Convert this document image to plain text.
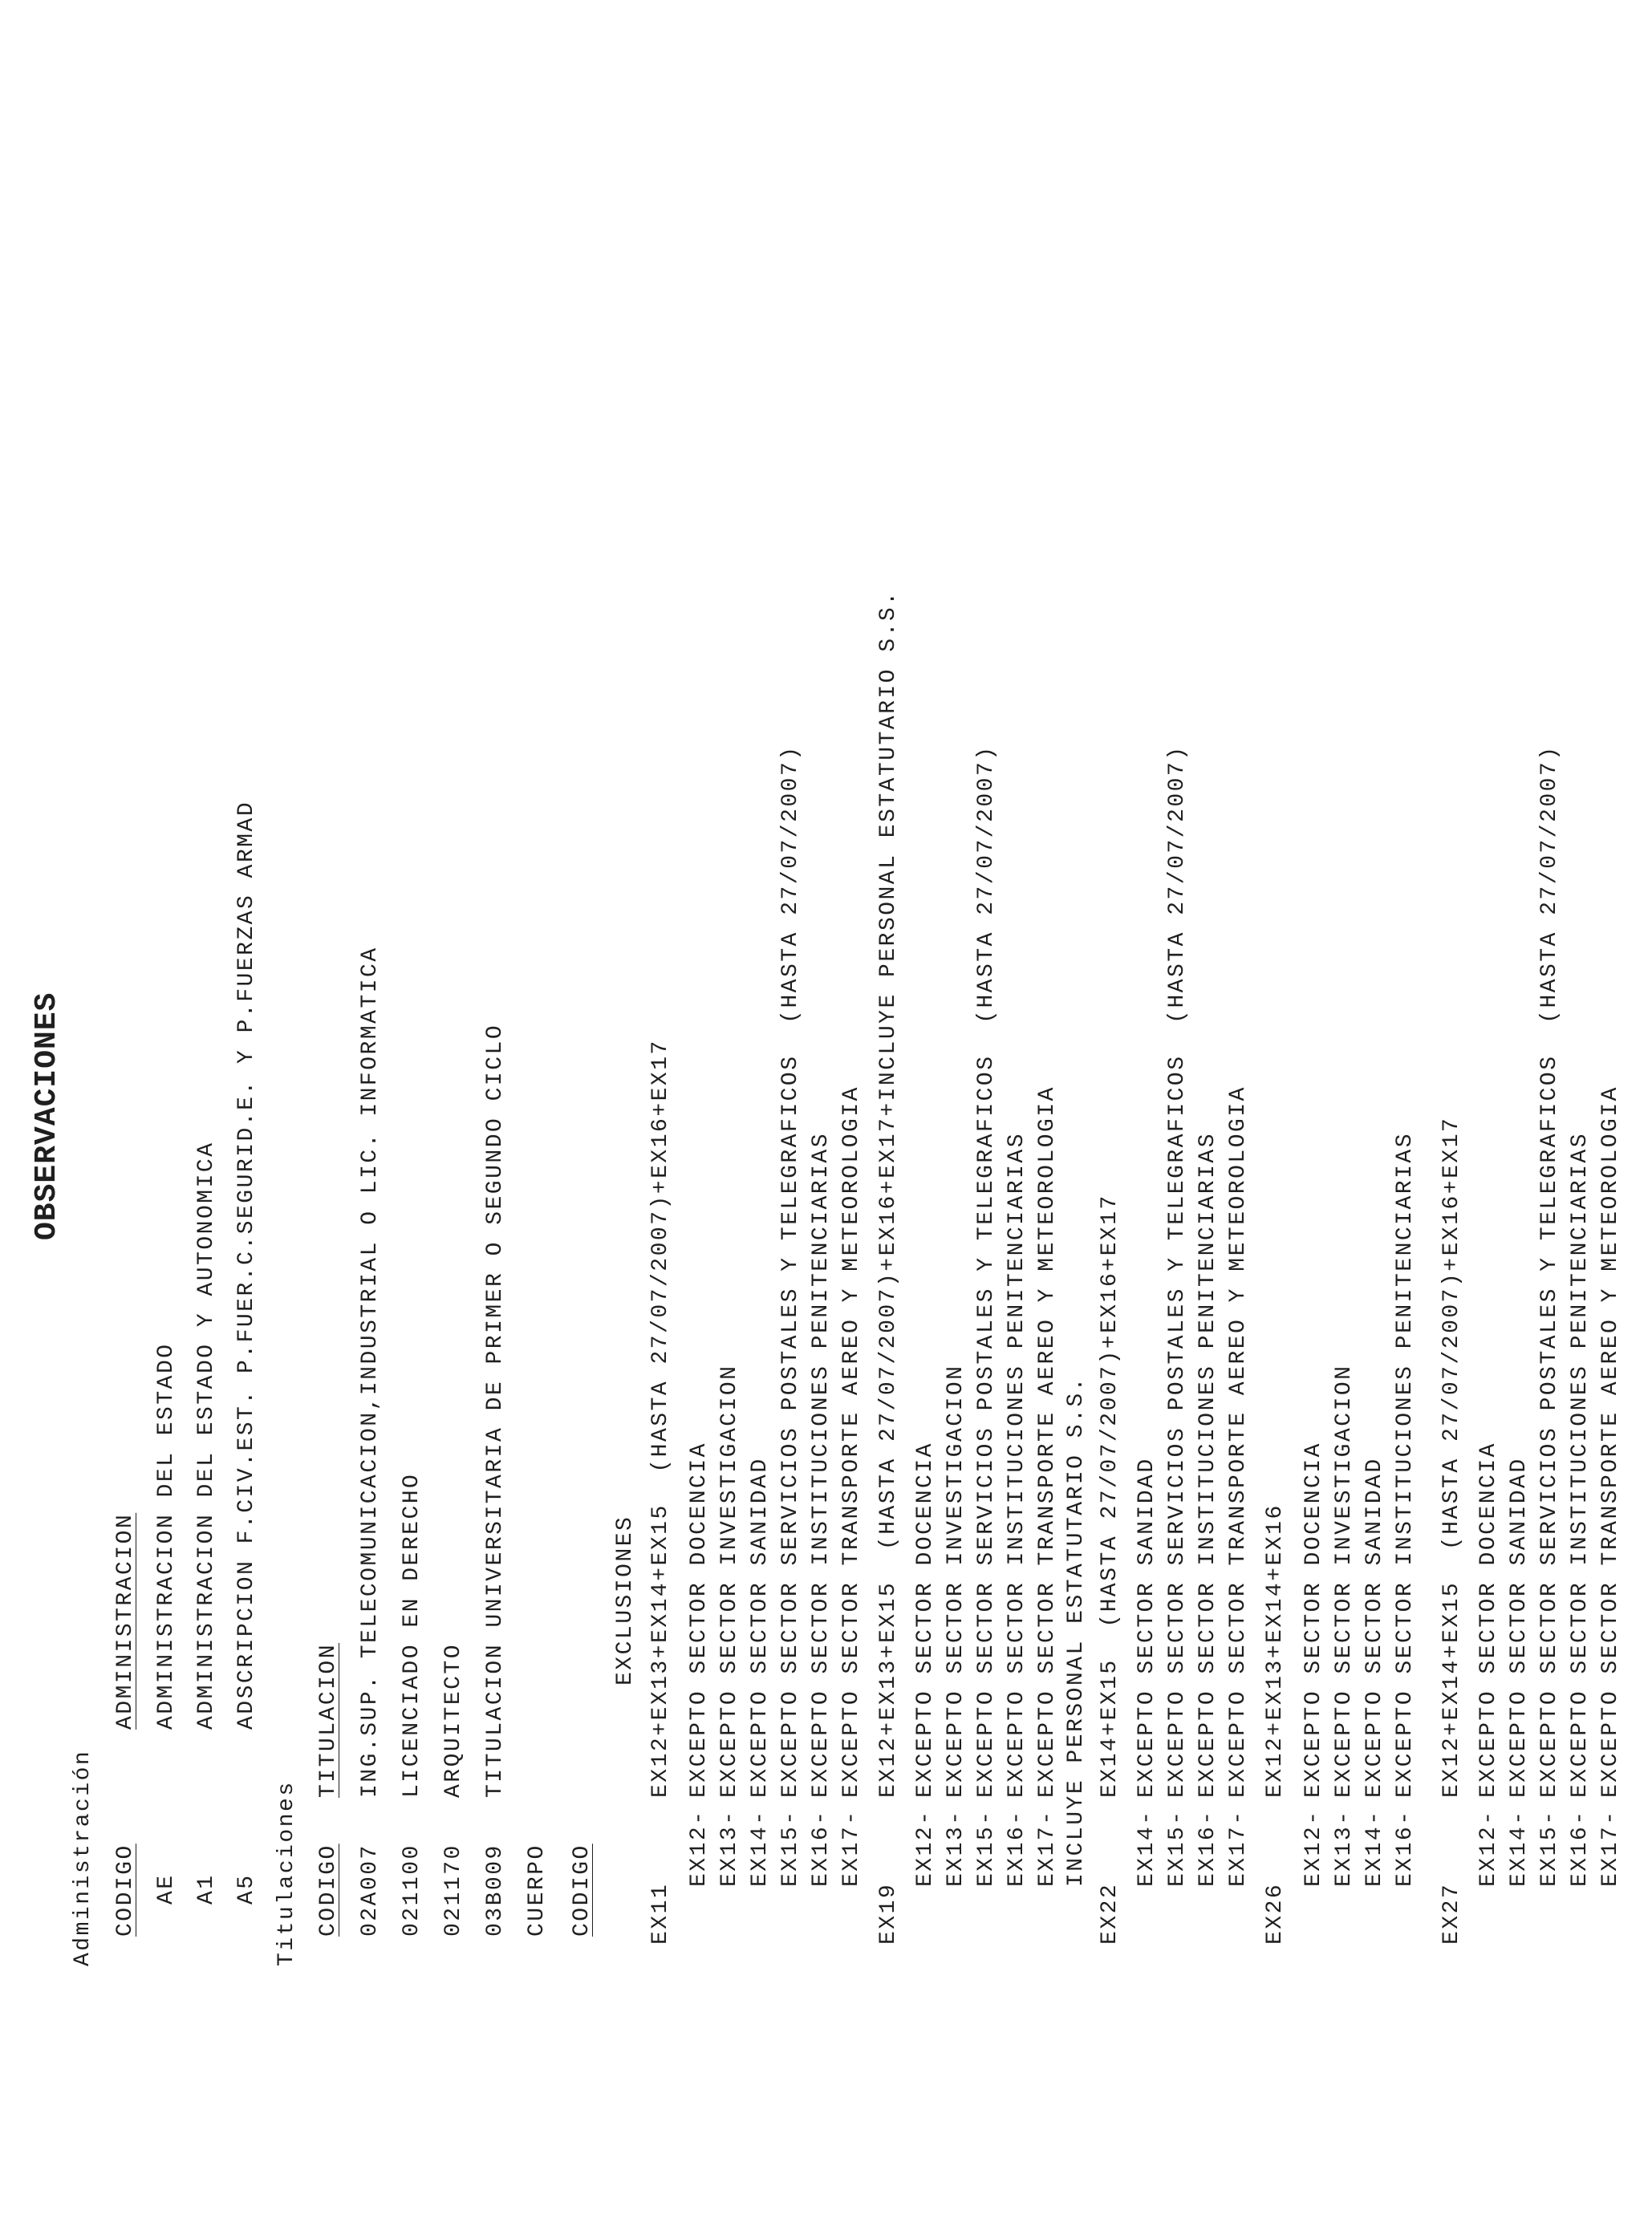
OBSERVACIONES
Administración CODIGO
ADMINISTRACION
AE
ADMINISTRACION DEL ESTADO
A1
ADMINISTRACION DEL ESTADO Y AUTONOMICA
A5
ADSCRIPCION F.CIV.EST. P.FUER.C.SEGURID.E. Y P.FUERZAS ARMAD
Titulaciones CODIGO
TITULACION
02A007
ING.SUP. TELECOMUNICACION,INDUSTRIAL O LIC. INFORMATICA
021100
LICENCIADO EN DERECHO
021170
ARQUITECTO
03B009
TITULACION UNIVERSITARIA DE PRIMER O SEGUNDO CICLO
CUERPO CODIGO
EXCLUSIONES
EX11
EX12+EX13+EX14+EX15  (HASTA 27/07/2007)+EX16+EX17
EX12-
EXCEPTO SECTOR DOCENCIA
EX13-
EXCEPTO SECTOR INVESTIGACION
EX14-
EXCEPTO SECTOR SANIDAD
EX15-
EXCEPTO SECTOR SERVICIOS POSTALES Y TELEGRAFICOS  (HASTA 27/07/2007)
EX16-
EXCEPTO SECTOR INSTITUCIONES PENITENCIARIAS
EX17-
EXCEPTO SECTOR TRANSPORTE AEREO Y METEOROLOGIA
EX19
EX12+EX13+EX15  (HASTA 27/07/2007)+EX16+EX17+INCLUYE PERSONAL ESTATUTARIO S.S.
EX12-
EXCEPTO SECTOR DOCENCIA
EX13-
EXCEPTO SECTOR INVESTIGACION
EX15-
EXCEPTO SECTOR SERVICIOS POSTALES Y TELEGRAFICOS  (HASTA 27/07/2007)
EX16-
EXCEPTO SECTOR INSTITUCIONES PENITENCIARIAS
EX17-
EXCEPTO SECTOR TRANSPORTE AEREO Y METEOROLOGIA INCLUYE PERSONAL ESTATUTARIO S.S.
EX22
EX14+EX15  (HASTA 27/07/2007)+EX16+EX17
EX14-
EXCEPTO SECTOR SANIDAD
EX15-
EXCEPTO SECTOR SERVICIOS POSTALES Y TELEGRAFICOS  (HASTA 27/07/2007)
EX16-
EXCEPTO SECTOR INSTITUCIONES PENITENCIARIAS
EX17-
EXCEPTO SECTOR TRANSPORTE AEREO Y METEOROLOGIA
EX26
EX12+EX13+EX14+EX16
EX12-
EXCEPTO SECTOR DOCENCIA
EX13-
EXCEPTO SECTOR INVESTIGACION
EX14-
EXCEPTO SECTOR SANIDAD
EX16-
EXCEPTO SECTOR INSTITUCIONES PENITENCIARIAS
EX27
EX12+EX14+EX15  (HASTA 27/07/2007)+EX16+EX17
EX12-
EXCEPTO SECTOR DOCENCIA
EX14-
EXCEPTO SECTOR SANIDAD
EX15-
EXCEPTO SECTOR SERVICIOS POSTALES Y TELEGRAFICOS  (HASTA 27/07/2007)
EX16-
EXCEPTO SECTOR INSTITUCIONES PENITENCIARIAS
EX17-
EXCEPTO SECTOR TRANSPORTE AEREO Y METEOROLOGIA
